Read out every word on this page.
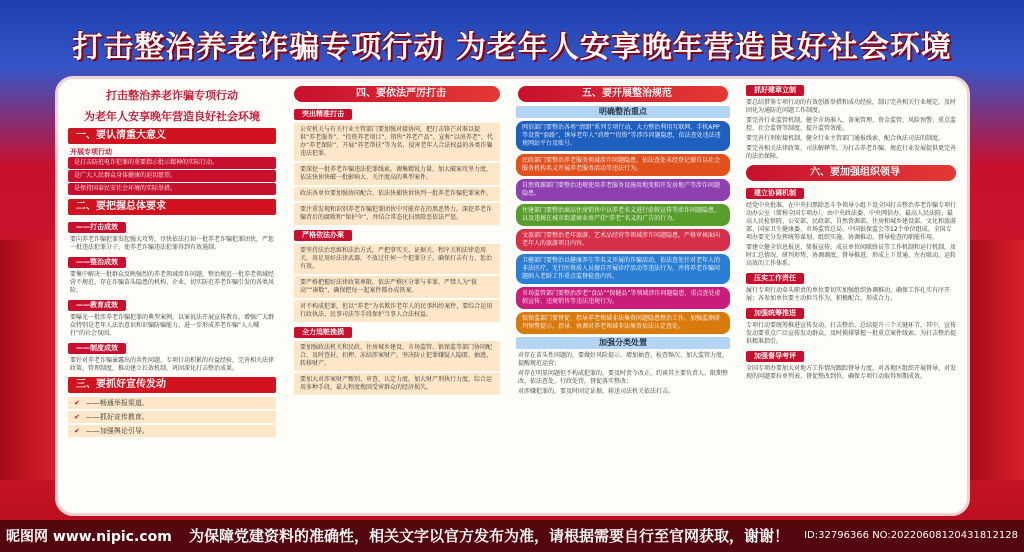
打击整治养老诈骗专项行动 为老年人安享晚年营造良好社会环境
打击整治养老诈骗专项行动
为老年人安享晚年营造良好社会环境
一、要认清重大意义
开展专项行动
是打击防范电诈犯罪的重要指示批示精神的实际行动。
是广大人民群众身体健康的迫切愿望。
是保持国泰民安社会环境的实际举措。
二、要把握总体要求
——打击成效
要向养老诈骗犯罪发起强大攻势，尽快依法打掉一批养老诈骗犯罪团伙，严惩一批违法犯罪分子，使养老诈骗违法犯罪得到有效遏制。
——整治成效
要集中解决一批群众反映强烈的养老领域涉诈问题，整治规范一批养老领域经营不规范、存在诈骗苗头隐患的机构、企业，切实防范养老诈骗引发的各类风险。
——教育成效
要曝光一批涉养老诈骗犯罪的典型案例，以案说法开展宣传教育，增强广大群众特别是老年人法治意识和识骗防骗能力，进一步形成养老诈骗“人人喊打”的社会氛围。
——制度成效
要针对养老诈骗暴露出的共性问题，专项行动积累的有益经验，完善相关法律政策、管理制度，推动建立长效机制，巩固深化打击整治成果。
三、要抓好宣传发动
✔ ——畅通举报渠道。
✔ ——抓好宣传教育。
✔ ——加强舆论引导。
四、要依法严厉打击
突出精准打击
公安机关与有关行业主管部门要加强对接协同，把打击锋芒对准以提供“养老服务”、“投资养老项目”、销售“养老产品”、宣称“以房养老”、代办“养老保险”、开展“养老帮扶”等为名，侵害老年人合法权益的各类诈骗违法犯罪。
要深挖一批养老诈骗违法犯罪线索，调集精锐力量、加大破案攻坚力度，依法快侦快破一批影响大、关注度高的典型案件。
政法各单位要加强协同配合，依法快捕快诉快判一批养老诈骗犯罪案件。
要注重发现和识别养老诈骗犯罪团伙中可能存在的黑恶势力，深挖养老诈骗背后的腐败和“保护伞”，并结合常态化扫黑除恶依法严惩。
严格依法办案
要坚持法治思维和法治方式，严把事实关、证据关、程序关和法律适用关，用足用好法律武器，不放过任何一个犯罪分子，确保打击有力、惩治有效。
要严格把握好法律政策界限，依法严格区分罪与非罪，严禁人为“拔高”“凑数”，确保把每一起案件都办成铁案。
对不构成犯罪，但以“养老”为名欺诈老年人的民事纠纷案件，要综合运用行政执法、民事司法等手段保护当事人合法权益。
全力追赃挽损
要加强政法机关和民政、住房城乡建设、市场监管、银保监等部门协同配合，及时查封、扣押、冻结涉案财产，坚决防止犯罪嫌疑人隐匿、抽逃、转移财产。
要加大对涉案财产甄别、审查、认定力度，加大财产刑执行力度，综合运用多种手段，最大程度挽回受害群众的经济损失。
五、要开展整治规范
明确整治重点
网信部门要整治各类“清朗”系列专项行动，大力整治利用互联网、手机APP等设置“套路”，诱导老年人“消费”“投资”等涉诈问题隐患，依法查处违法违规网站平台及账号。
民政部门要整治养老服务领域涉诈问题隐患，依法查处未经登记擅自以社会服务机构名义开展养老服务活动等违法行为。
自然资源部门要整治违规使用养老服务设施用地变相开发房地产等涉诈问题隐患。
住建部门要整治商品住房销售中以养老名义进行虚假宣传等涉诈问题隐患，以及违规在城市街道商业房产挂“养老”名义的广告的行为。
文旅部门要整治老年旅游、艺术品经营等领域涉诈问题隐患，严格审核面向老年人的旅游项目内容。
卫健部门要整治以健康养生等名义开展的诈骗活动，依法查处针对老年人的非法医疗、无行医资质人员擅自开展诊疗活动等违法行为，并将养老诈骗问题纳入老龄工作重点监督检查内容。
市场监管部门要整治涉老“食品”“保健品”等领域涉诈问题隐患，重点查处虚假宣传、违规销售等违法违规行为。
银保监部门要督促、指导养老领域非法集资问题隐患整治工作，加强监测研判预警提示，指导、协调对养老领域非法集资依法认定查处。
加强分类处置
对存在苗头性问题的，要做好风险提示、增加抽查、检查频次、加大监管力度，提醒规范运营；
对存在明显问题但不构成犯罪的，要及时责令改正、约谈其主要负责人、限期整改，依法查处、行政处罚，督促落实整改；
对涉嫌犯罪的，要及时固定证据，移送司法机关依法打击。
抓好建章立制
要总结借鉴专项行动的有效创新举措和成功经验，制订完善相关行业规定，及时固化为通防范问题工作制度。
要完善行业监管机制，健全市场准入、备案管理、资金监管、风险预警、重点监控、社会监督等制度，提升监管效能。
要完善行刑衔接机制，健全行业主管部门通报线索、配合执法司法的制度。
要完善相关法律政策、司法解释等，为打击养老诈骗、规范行业发展提供更完善的法治保障。
六、要加强组织领导
建立协调机制
经党中央批准，在中央扫黑除恶斗争领导小组下设全国打击整治养老诈骗专项行动办公室（简称全国专项办），由中央政法委、中央网信办、最高人民法院、最高人民检察院、公安部、民政部、自然资源部、住房和城乡建设部、文化和旅游部、国家卫生健康委、市场监管总局、中国银保监会等12个单位组成。全国专项办要充分发挥统筹谋划、组织实施、协调推动、督导检查的职能作用。
要建立健全信息报送、简报宣传、成员单位间联络员等工作机制和运行机制，及时汇总情况、研判形势、协调调度，督导推进，形成上下贯通、左右联动、运转高效的工作体系。
压实工作责任
履行专项行动牵头职责的单位要切实加强组织协调推动，确保工作扎实有序开展；各参加单位要主动担当作为，积极配合，形成合力。
加强统筹推进
专项行动要统筹推进宣传发动、打击整治、总结提升三个关键环节，其中，宣传发动要重点广泛宣传发动群众，及时摸排掌握一批重点案件线索，为打击整治提供精准指引。
加强督导考评
全国专项办要加大对地方工作情况跟踪督导力度，对各地区组织开展督导，对发现的问题要拉单列表、督促整改到位，确保专项行动取得预期成效。
昵图网 www.nipic.com 为保障党建资料的准确性，相关文字以官方发布为准，请根据需要自行至官网获取，谢谢！ ID:32796366 NO:20220608120431812128
